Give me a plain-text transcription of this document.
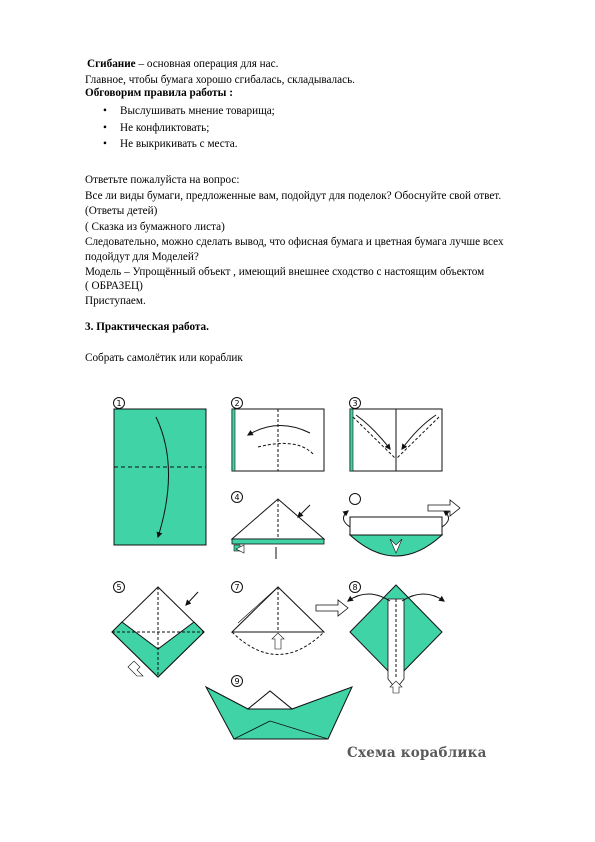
Сгибание – основная операция для нас.
Главное, чтобы бумага хорошо сгибалась, складывалась.
Обговорим правила работы :
• Выслушивать мнение товарища;
• Не конфликтовать;
• Не выкрикивать с места.
Ответьте пожалуйста на вопрос:
Все ли виды бумаги, предложенные вам, подойдут для поделок? Обоснуйте свой ответ.
(Ответы детей)
( Сказка из бумажного листа)
Следовательно, можно сделать вывод, что офисная бумага и цветная бумага лучше всех
подойдут для Моделей?
Модель – Упрощённый объект , имеющий внешнее сходство с настоящим объектом
( ОБРАЗЕЦ)
Приступаем.
3. Практическая работа.
Собрать самолётик или кораблик
1	2	3
4
5	7	8
9
Схема кораблика
